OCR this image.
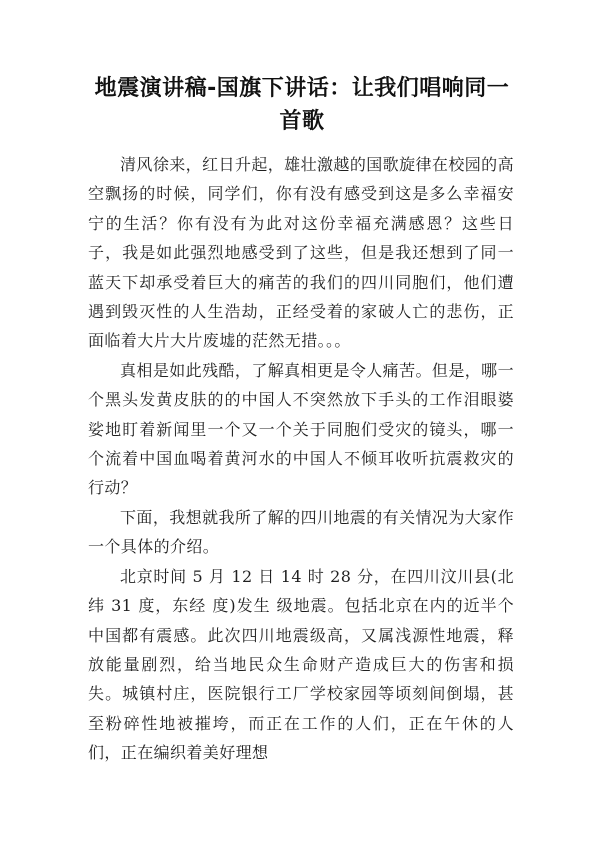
地震演讲稿-国旗下讲话：让我们唱响同一首歌

清风徐来，红日升起，雄壮激越的国歌旋律在校园的高空飘扬的时候，同学们，你有没有感受到这是多么幸福安宁的生活？你有没有为此对这份幸福充满感恩？这些日子，我是如此强烈地感受到了这些，但是我还想到了同一蓝天下却承受着巨大的痛苦的我们的四川同胞们，他们遭遇到毁灭性的人生浩劫，正经受着的家破人亡的悲伤，正面临着大片大片废墟的茫然无措。。。

真相是如此残酷，了解真相更是令人痛苦。但是，哪一个黑头发黄皮肤的的中国人不突然放下手头的工作泪眼婆娑地盯着新闻里一个又一个关于同胞们受灾的镜头，哪一个流着中国血喝着黄河水的中国人不倾耳收听抗震救灾的行动？

下面，我想就我所了解的四川地震的有关情况为大家作一个具体的介绍。

北京时间 5 月 12 日 14 时 28 分，在四川汶川县(北纬 31 度，东经 度)发生 级地震。包括北京在内的近半个中国都有震感。此次四川地震级高，又属浅源性地震，释放能量剧烈，给当地民众生命财产造成巨大的伤害和损失。城镇村庄，医院银行工厂学校家园等顷刻间倒塌，甚至粉碎性地被摧垮，而正在工作的人们，正在午休的人们，正在编织着美好理想
